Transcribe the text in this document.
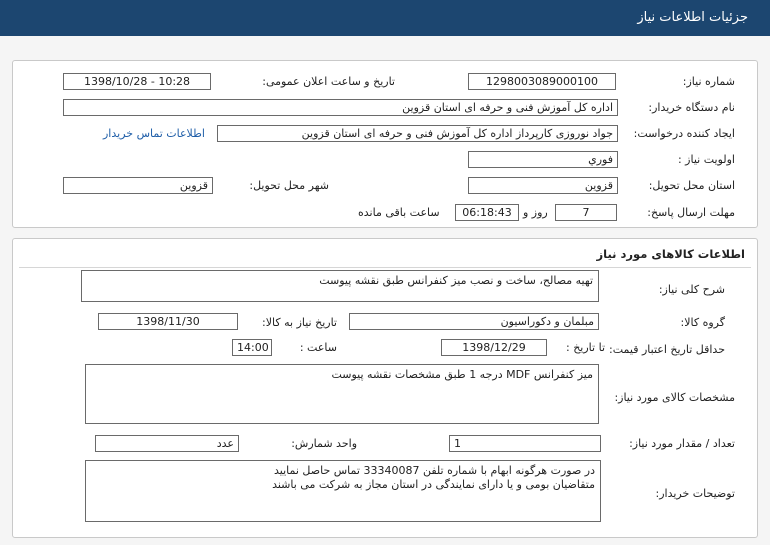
جزئیات اطلاعات نیاز
شماره نیاز:
1298003089000100
تاریخ و ساعت اعلان عمومی:
1398/10/28 - 10:28
نام دستگاه خریدار:
اداره کل آموزش فنی و حرفه ای استان قزوین
ایجاد کننده درخواست:
جواد نوروزی کارپرداز اداره کل آموزش فنی و حرفه ای استان قزوین
اطلاعات تماس خریدار
اولویت نیاز :
فوري
استان محل تحویل:
قزوین
شهر محل تحویل:
قزوین
مهلت ارسال پاسخ:
7
روز و
06:18:43
ساعت باقی مانده
اطلاعات کالاهای مورد نیاز
شرح کلی نیاز:
تهیه مصالح، ساخت و نصب میز کنفرانس طبق نقشه پیوست
گروه کالا:
مبلمان و دکوراسیون
تاریخ نیاز به کالا:
1398/11/30
حداقل تاریخ اعتبار قیمت:
تا تاریخ :
1398/12/29
ساعت :
14:00
مشخصات کالای مورد نیاز:
میز کنفرانس MDF درجه 1 طبق مشخصات نقشه پیوست
تعداد / مقدار مورد نیاز:
1
واحد شمارش:
عدد
توضیحات خریدار:
در صورت هرگونه ابهام با شماره تلفن 33340087 تماس حاصل نمایید
متقاضیان بومی و یا دارای نمایندگی در استان مجاز به شرکت می باشند
